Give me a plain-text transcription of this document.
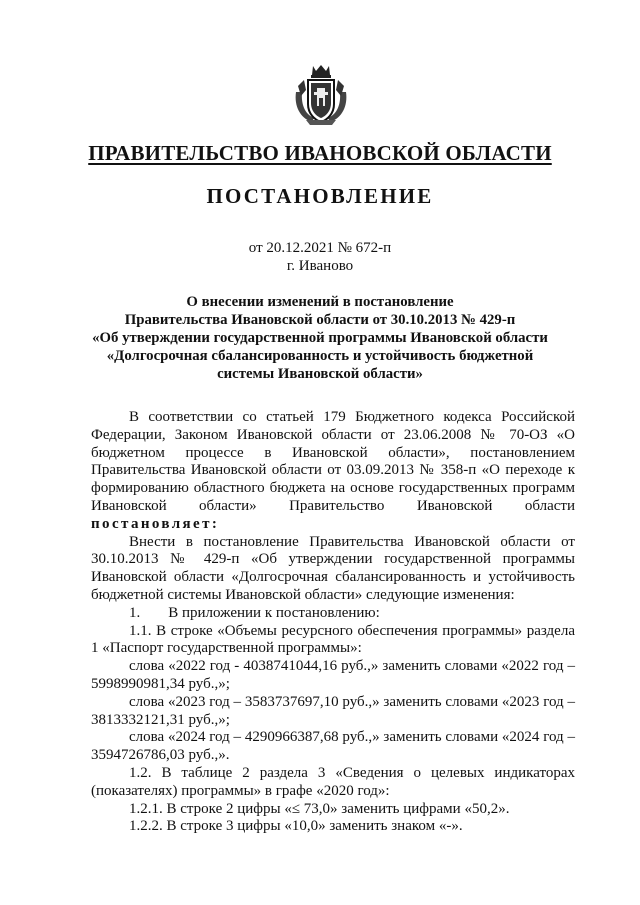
ПРАВИТЕЛЬСТВО ИВАНОВСКОЙ ОБЛАСТИ
ПОСТАНОВЛЕНИЕ
от 20.12.2021 № 672-п
г. Иваново
О внесении изменений в постановление
Правительства Ивановской области от 30.10.2013 № 429-п
«Об утверждении государственной программы Ивановской области
«Долгосрочная сбалансированность и устойчивость бюджетной
системы Ивановской области»

В соответствии со статьей 179 Бюджетного кодекса Российской Федерации, Законом Ивановской области от 23.06.2008 № 70-ОЗ «О бюджетном процессе в Ивановской области», постановлением Правительства Ивановской области от 03.09.2013 № 358-п «О переходе к формированию областного бюджета на основе государственных программ Ивановской области» Правительство Ивановской области постановляет:

Внести в постановление Правительства Ивановской области от 30.10.2013 № 429-п «Об утверждении государственной программы Ивановской области «Долгосрочная сбалансированность и устойчивость бюджетной системы Ивановской области» следующие изменения:

1. В приложении к постановлению:

1.1. В строке «Объемы ресурсного обеспечения программы» раздела 1 «Паспорт государственной программы»:

слова «2022 год - 4038741044,16 руб.,» заменить словами «2022 год – 5998990981,34 руб.,»;

слова «2023 год – 3583737697,10 руб.,» заменить словами «2023 год – 3813332121,31 руб.,»;

слова «2024 год – 4290966387,68 руб.,» заменить словами «2024 год – 3594726786,03 руб.,».

1.2. В таблице 2 раздела 3 «Сведения о целевых индикаторах (показателях) программы» в графе «2020 год»:

1.2.1. В строке 2 цифры «≤ 73,0» заменить цифрами «50,2».

1.2.2. В строке 3 цифры «10,0» заменить знаком «-».
